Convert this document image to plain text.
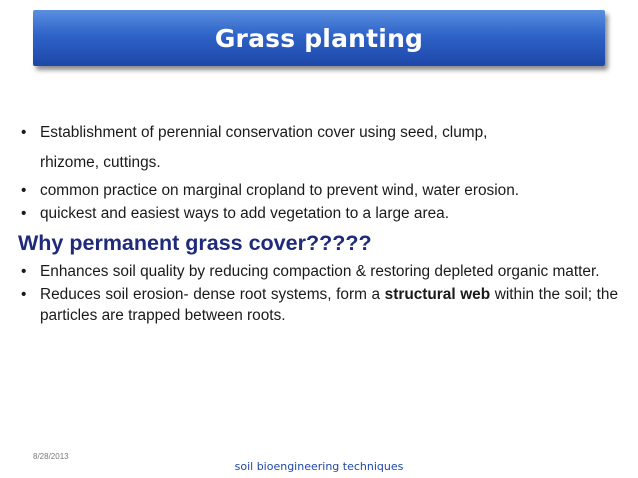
Grass planting
• Establishment of perennial conservation cover using seed, clump,
rhizome, cuttings.
• common practice on marginal cropland to prevent wind, water erosion.
• quickest and easiest ways to add vegetation to a large area.
Why permanent grass cover?????
• Enhances soil quality by reducing compaction & restoring depleted organic matter.
• Reduces soil erosion- dense root systems, form a structural web within the soil; the particles are trapped between roots.
8/28/2013
soil bioengineering techniques
